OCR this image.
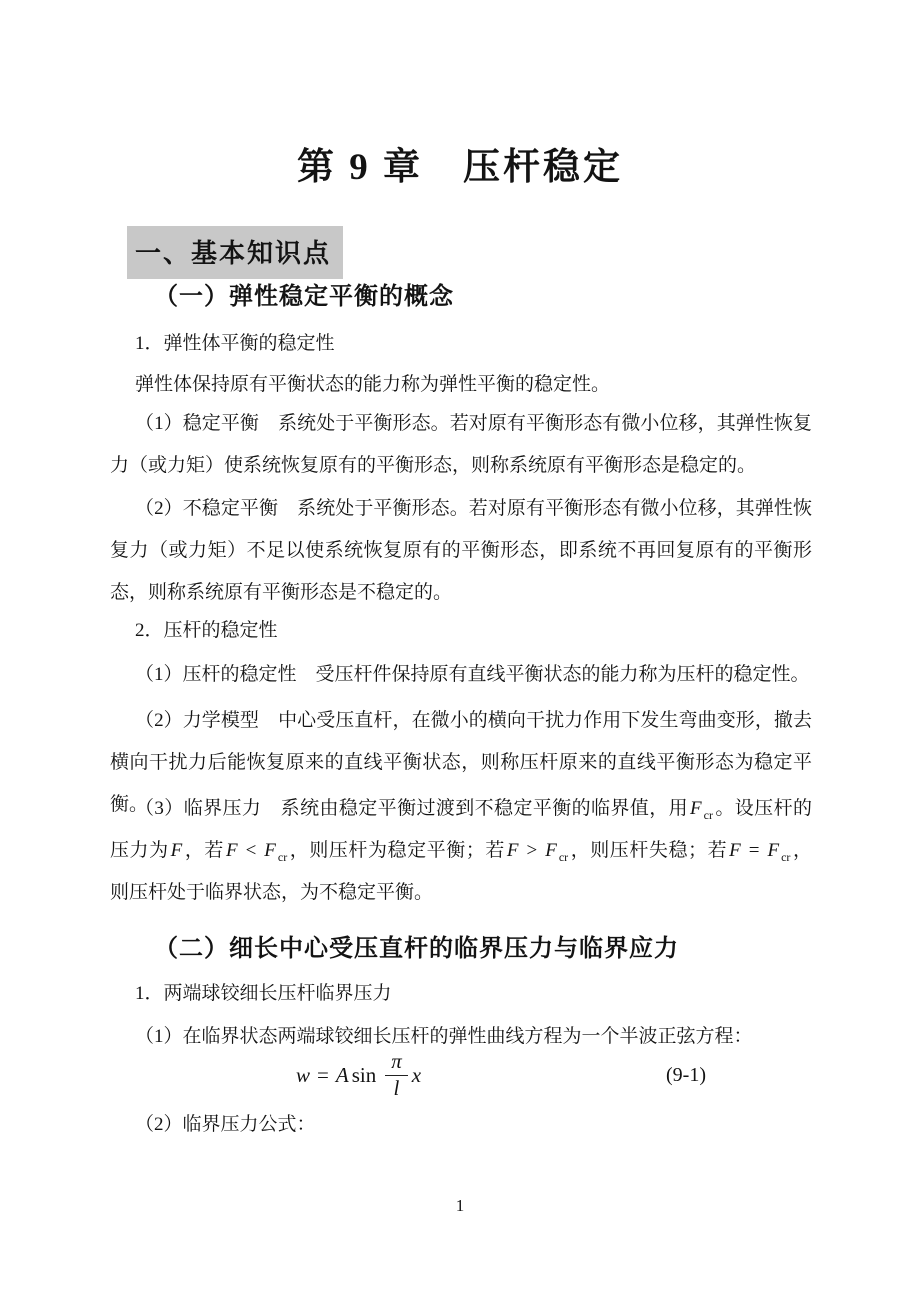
第 9 章　压杆稳定
一、基本知识点
（一）弹性稳定平衡的概念
1．弹性体平衡的稳定性
弹性体保持原有平衡状态的能力称为弹性平衡的稳定性。
（1）稳定平衡　系统处于平衡形态。若对原有平衡形态有微小位移，其弹性恢复力（或力矩）使系统恢复原有的平衡形态，则称系统原有平衡形态是稳定的。
（2）不稳定平衡　系统处于平衡形态。若对原有平衡形态有微小位移，其弹性恢复力（或力矩）不足以使系统恢复原有的平衡形态，即系统不再回复原有的平衡形态，则称系统原有平衡形态是不稳定的。
2．压杆的稳定性
（1）压杆的稳定性　受压杆件保持原有直线平衡状态的能力称为压杆的稳定性。
（2）力学模型　中心受压直杆，在微小的横向干扰力作用下发生弯曲变形，撤去横向干扰力后能恢复原来的直线平衡状态，则称压杆原来的直线平衡形态为稳定平衡。
（3）临界压力　系统由稳定平衡过渡到不稳定平衡的临界值，用 F $_{cr}$ 。设压杆的压力为 F ，若 F < F $_{cr}$ ，则压杆为稳定平衡；若 F > F $_{cr}$ ，则压杆失稳；若 F = F $_{cr}$ ，则压杆处于临界状态，为不稳定平衡。
（二）细长中心受压直杆的临界压力与临界应力
1．两端球铰细长压杆临界压力
（1）在临界状态两端球铰细长压杆的弹性曲线方程为一个半波正弦方程：
w = A $\sin \frac{\pi}{l}$ x	(9-1)
（2）临界压力公式：
1
